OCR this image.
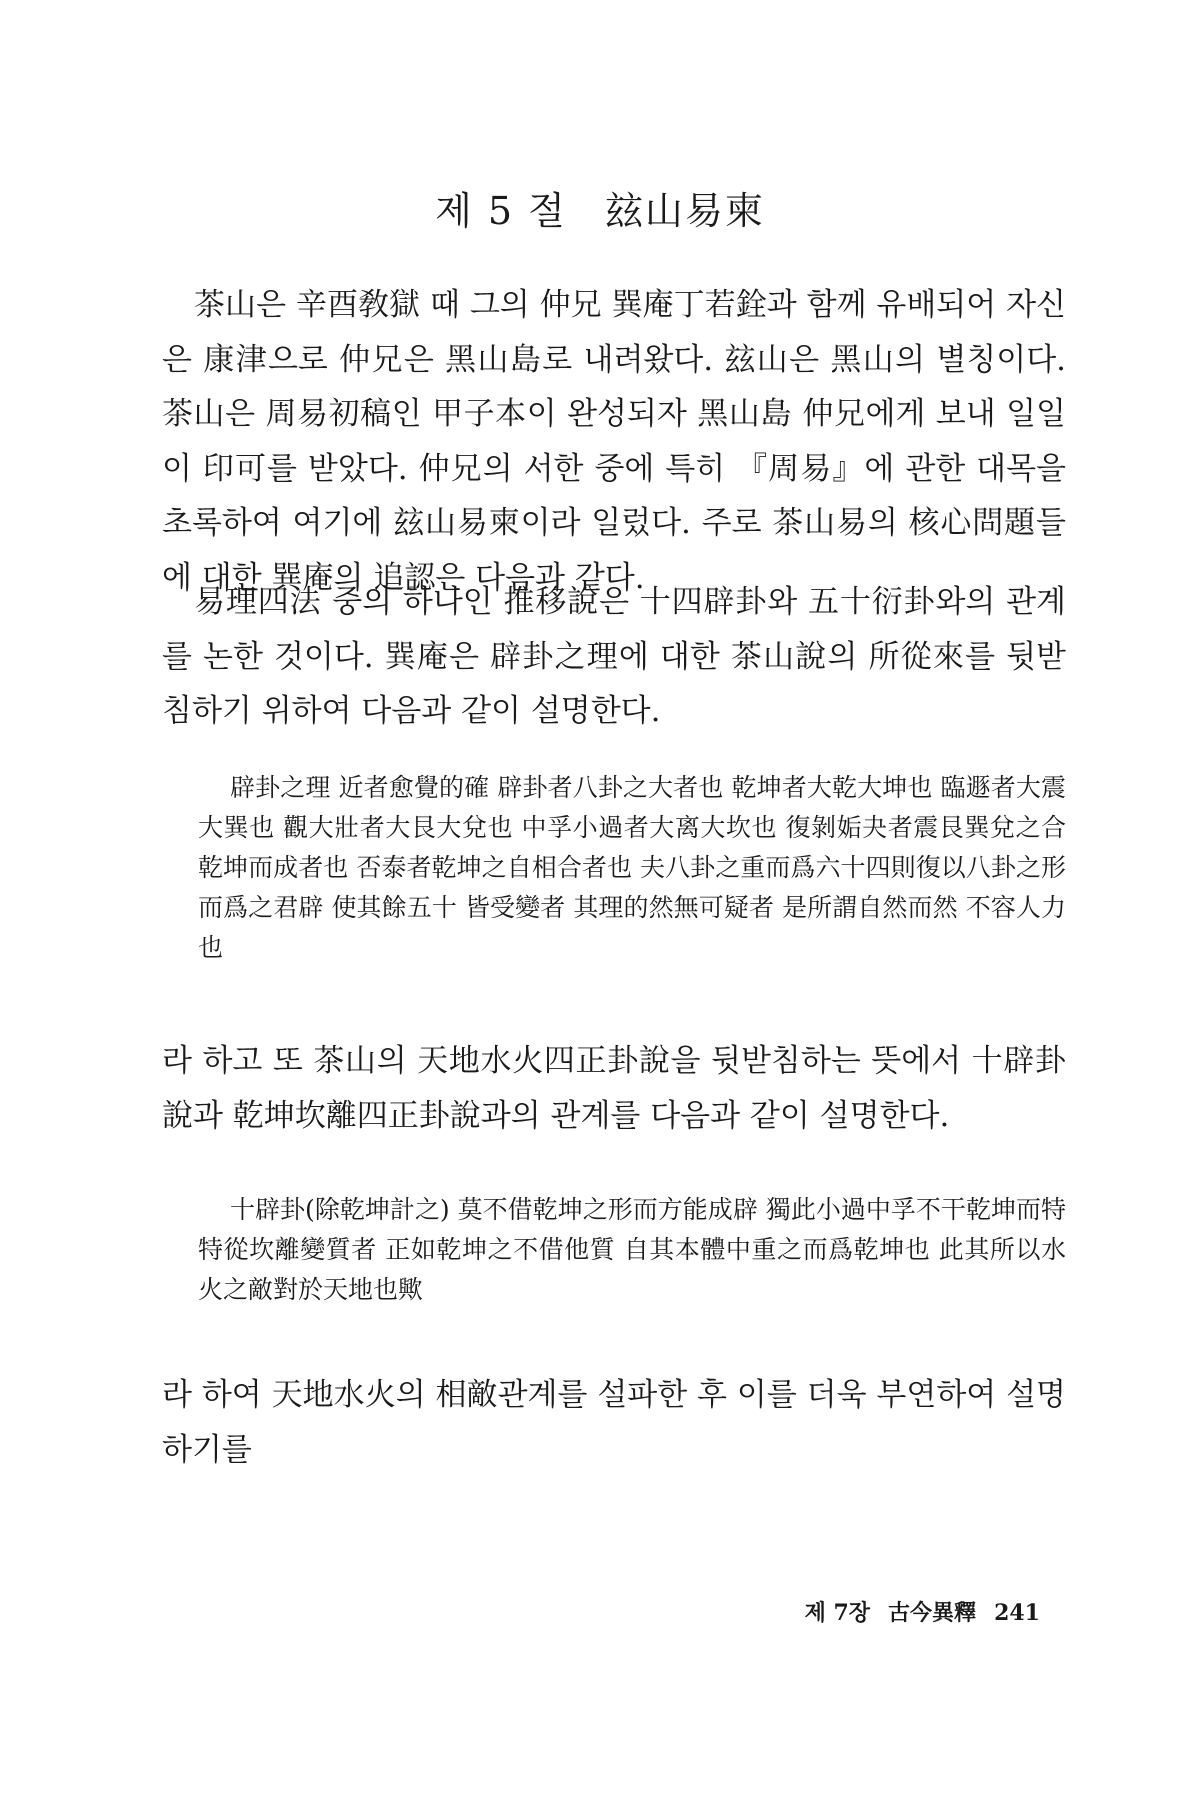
제 5 절 玆山易柬

茶山은 辛酉敎獄 때 그의 仲兄 巽庵丁若銓과 함께 유배되어 자신은 康津으로 仲兄은 黑山島로 내려왔다. 玆山은 黑山의 별칭이다. 茶山은 周易初稿인 甲子本이 완성되자 黑山島 仲兄에게 보내 일일이 印可를 받았다. 仲兄의 서한 중에 특히 『周易』에 관한 대목을 초록하여 여기에 玆山易柬이라 일렀다. 주로 茶山易의 核心問題들에 대한 巽庵의 追認은 다음과 같다.

易理四法 중의 하나인 推移說은 十四辟卦와 五十衍卦와의 관계를 논한 것이다. 巽庵은 辟卦之理에 대한 茶山說의 所從來를 뒷받침하기 위하여 다음과 같이 설명한다.

辟卦之理 近者愈覺的確 辟卦者八卦之大者也 乾坤者大乾大坤也 臨遯者大震大巽也 觀大壯者大艮大兌也 中孚小過者大离大坎也 復剝姤夬者震艮巽兌之合乾坤而成者也 否泰者乾坤之自相合者也 夫八卦之重而爲六十四則復以八卦之形而爲之君辟 使其餘五十 皆受變者 其理的然無可疑者 是所謂自然而然 不容人力也

라 하고 또 茶山의 天地水火四正卦說을 뒷받침하는 뜻에서 十辟卦說과 乾坤坎離四正卦說과의 관계를 다음과 같이 설명한다.

十辟卦(除乾坤計之) 莫不借乾坤之形而方能成辟 獨此小過中孚不干乾坤而特特從坎離變質者 正如乾坤之不借他質 自其本體中重之而爲乾坤也 此其所以水火之敵對於天地也歟

라 하여 天地水火의 相敵관계를 설파한 후 이를 더욱 부연하여 설명하기를

제 7장 古今異釋 241
